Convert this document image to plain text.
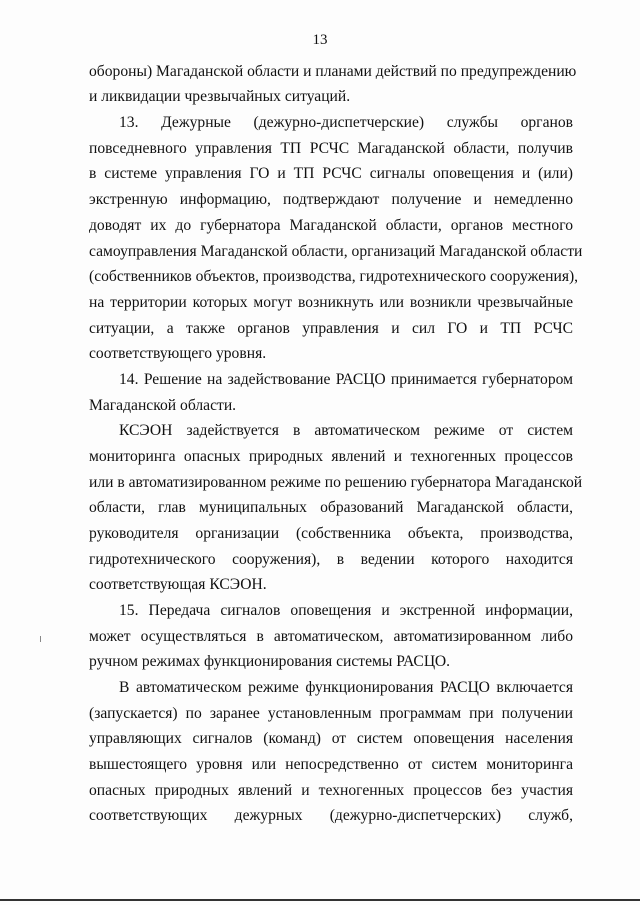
13
обороны) Магаданской области и планами действий по предупреждению
и ликвидации чрезвычайных ситуаций.
13. Дежурные (дежурно-диспетчерские) службы органов
повседневного управления ТП РСЧС Магаданской области, получив
в системе управления ГО и ТП РСЧС сигналы оповещения и (или)
экстренную информацию, подтверждают получение и немедленно
доводят их до губернатора Магаданской области, органов местного
самоуправления Магаданской области, организаций Магаданской области
(собственников объектов, производства, гидротехнического сооружения),
на территории которых могут возникнуть или возникли чрезвычайные
ситуации, а также органов управления и сил ГО и ТП РСЧС
соответствующего уровня.
14. Решение на задействование РАСЦО принимается губернатором
Магаданской области.
КСЭОН задействуется в автоматическом режиме от систем
мониторинга опасных природных явлений и техногенных процессов
или в автоматизированном режиме по решению губернатора Магаданской
области, глав муниципальных образований Магаданской области,
руководителя организации (собственника объекта, производства,
гидротехнического сооружения), в ведении которого находится
соответствующая КСЭОН.
15. Передача сигналов оповещения и экстренной информации,
может осуществляться в автоматическом, автоматизированном либо
ручном режимах функционирования системы РАСЦО.
В автоматическом режиме функционирования РАСЦО включается
(запускается) по заранее установленным программам при получении
управляющих сигналов (команд) от систем оповещения населения
вышестоящего уровня или непосредственно от систем мониторинга
опасных природных явлений и техногенных процессов без участия
соответствующих дежурных (дежурно-диспетчерских) служб,
